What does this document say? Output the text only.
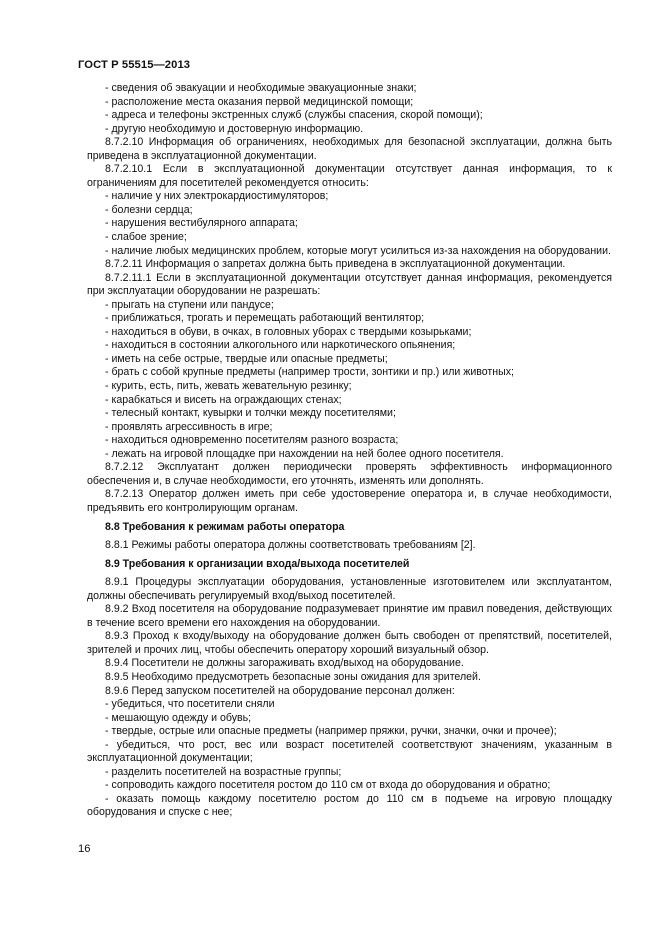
ГОСТ Р 55515—2013

- сведения об эвакуации и необходимые эвакуационные знаки;

- расположение места оказания первой медицинской помощи;

- адреса и телефоны экстренных служб (службы спасения, скорой помощи);

- другую необходимую и достоверную информацию.

8.7.2.10 Информация об ограничениях, необходимых для безопасной эксплуатации, должна быть приведена в эксплуатационной документации.

8.7.2.10.1 Если в эксплуатационной документации отсутствует данная информация, то к ограничениям для посетителей рекомендуется относить:

- наличие у них электрокардиостимуляторов;

- болезни сердца;

- нарушения вестибулярного аппарата;

- слабое зрение;

- наличие любых медицинских проблем, которые могут усилиться из-за нахождения на оборудовании.

8.7.2.11 Информация о запретах должна быть приведена в эксплуатационной документации.

8.7.2.11.1 Если в эксплуатационной документации отсутствует данная информация, рекомендуется при эксплуатации оборудовании не разрешать:

- прыгать на ступени или пандусе;

- приближаться, трогать и перемещать работающий вентилятор;

- находиться в обуви, в очках, в головных уборах с твердыми козырьками;

- находиться в состоянии алкогольного или наркотического опьянения;

- иметь на себе острые, твердые или опасные предметы;

- брать с собой крупные предметы (например трости, зонтики и пр.) или животных;

- курить, есть, пить, жевать жевательную резинку;

- карабкаться и висеть на ограждающих стенах;

- телесный контакт, кувырки и толчки между посетителями;

- проявлять агрессивность в игре;

- находиться одновременно посетителям разного возраста;

- лежать на игровой площадке при нахождении на ней более одного посетителя.

8.7.2.12 Эксплуатант должен периодически проверять эффективность информационного обеспечения и, в случае необходимости, его уточнять, изменять или дополнять.

8.7.2.13 Оператор должен иметь при себе удостоверение оператора и, в случае необходимости, предъявить его контролирующим органам.

8.8 Требования к режимам работы оператора

8.8.1 Режимы работы оператора должны соответствовать требованиям [2].

8.9 Требования к организации входа/выхода посетителей

8.9.1 Процедуры эксплуатации оборудования, установленные изготовителем или эксплуатантом, должны обеспечивать регулируемый вход/выход посетителей.

8.9.2 Вход посетителя на оборудование подразумевает принятие им правил поведения, действующих в течение всего времени его нахождения на оборудовании.

8.9.3 Проход к входу/выходу на оборудование должен быть свободен от препятствий, посетителей, зрителей и прочих лиц, чтобы обеспечить оператору хороший визуальный обзор.

8.9.4 Посетители не должны загораживать вход/выход на оборудование.

8.9.5 Необходимо предусмотреть безопасные зоны ожидания для зрителей.

8.9.6 Перед запуском посетителей на оборудование персонал должен:

- убедиться, что посетители сняли

- мешающую одежду и обувь;

- твердые, острые или опасные предметы (например пряжки, ручки, значки, очки и прочее);

- убедиться, что рост, вес или возраст посетителей соответствуют значениям, указанным в эксплуатационной документации;

- разделить посетителей на возрастные группы;

- сопроводить каждого посетителя ростом до 110 см от входа до оборудования и обратно;

- оказать помощь каждому посетителю ростом до 110 см в подъеме на игровую площадку оборудования и спуске с нее;

16
